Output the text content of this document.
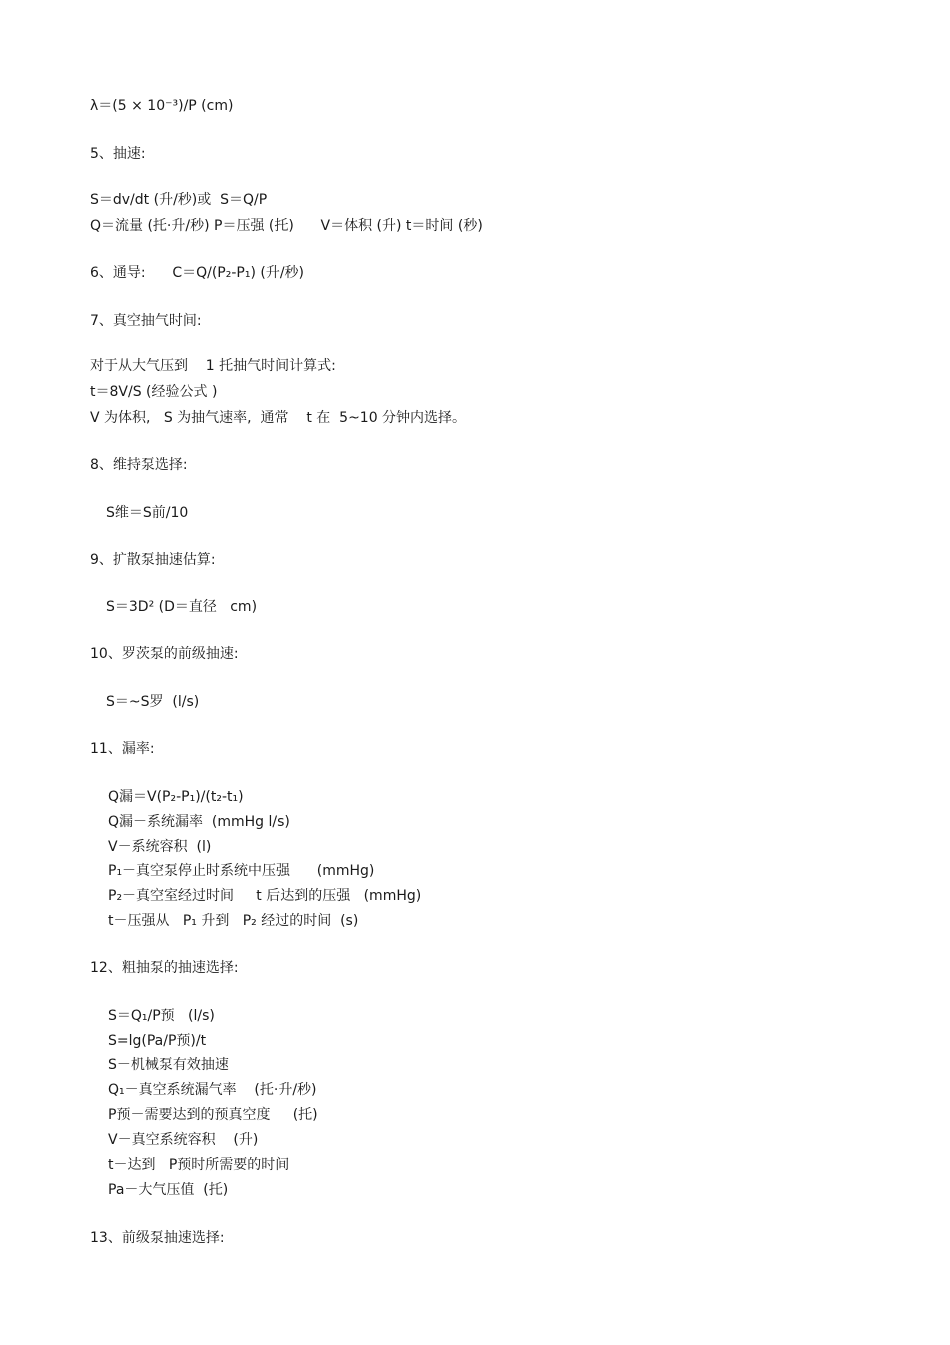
λ＝(5 × 10⁻³)/P (cm)
5、抽速:
S＝dv/dt (升/秒)或  S＝Q/P
Q＝流量 (托·升/秒) P＝压强 (托)      V＝体积 (升) t＝时间 (秒)
6、通导:      C＝Q/(P₂-P₁) (升/秒)
7、真空抽气时间:
对于从大气压到    1 托抽气时间计算式:
t＝8V/S (经验公式 )
V 为体积,   S 为抽气速率,  通常    t 在  5~10 分钟内选择。
8、维持泵选择:
S维＝S前/10
9、扩散泵抽速估算:
S＝3D² (D＝直径   cm)
10、罗茨泵的前级抽速:
S＝~S罗  (l/s)
11、漏率:
Q漏＝V(P₂-P₁)/(t₂-t₁)
Q漏－系统漏率  (mmHg l/s)
V－系统容积  (l)
P₁－真空泵停止时系统中压强      (mmHg)
P₂－真空室经过时间     t 后达到的压强   (mmHg)
t－压强从   P₁ 升到   P₂ 经过的时间  (s)
12、粗抽泵的抽速选择:
S＝Q₁/P预   (l/s)
S=lg(Pa/P预)/t
S－机械泵有效抽速
Q₁－真空系统漏气率    (托·升/秒)
P预－需要达到的预真空度     (托)
V－真空系统容积    (升)
t－达到   P预时所需要的时间
Pa－大气压值  (托)
13、前级泵抽速选择:
